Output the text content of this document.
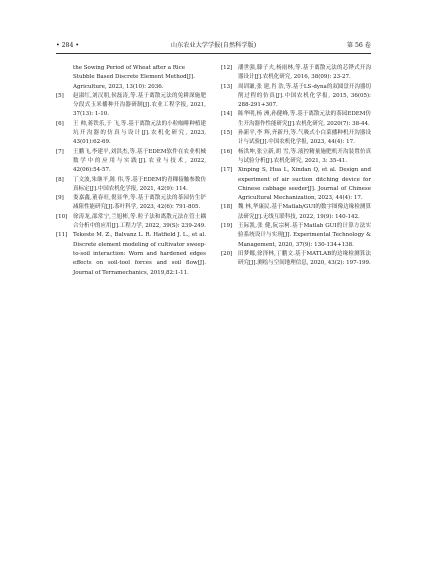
• 284 •	山东农业大学学报(自然科学版)	第 56 卷

the Sowing Period of Wheat after a Rice Stubble Based Discrete Element Method[J]. Agriculture, 2023, 13(10): 2036.

[5] 赵淑红,刘汉朋,侯磊涛,等.基于离散元法的免耕深施肥分段式玉米播种开沟器研制[J].农业工程学报, 2021, 37(13): 1-10.
[6] 王 帅,蒋铁乐,于 飞,等.基于离散元法的小粒咖啡种植建坑开沟器的仿真与设计[J].农机化研究, 2023, 43(01):62-69.
[7] 王鹏飞,李建平,刘洪杰,等.基于EDEM软件在农业机械数学中的应用与实践[J].农业与技术, 2022, 42(06):54-57.
[8] 丁文波,朱继平,陈 伟,等.基于EDEM的青稞接触参数仿真标定[J].中国农机化学报, 2021, 42(9): 114.
[9] 娄嘉鑫,董春旺,倪显华,等.基于离散元法的茶园仿生铲减阻性能研究[J].茶叶科学, 2023, 42(6): 791-805.
[10] 徐涛龙,邵常宁,兰旭彬,等.粒子法和离散元法在管土耦合分析中的应用[J].工程力学, 2022, 39(S): 239-249.
[11] Tekeste M. Z., Balvanz L. R. Hatfield J. L., et al. Discrete element modeling of cultivator sweep-to-soil interaction: Worn and hardened edges effects on soil-tool forces and soil flow[J]. Journal of Terramechanics, 2019,82:1-11.
[12] 潘世强,滕子夫,杨雨林,等.基于离散元法的芯铧式开沟器设计[J].农机化研究, 2016, 38(09): 23-27.
[13] 周训谦,张 建,肖 浩,等.基于LS-dyna的双圆盘开沟器切削过程的仿真[J].中国农机化学报, 2015, 36(05): 288-291+307.
[14] 陈华明,杨 洲,孙健峰,等.基于离散元法的茶园EDEM仿生开沟器作性能研究[J].农机化研究, 2020(7): 38-44.
[15] 孙新平,李 辉,齐新丹,等.气吸式小白菜播种机开沟器设计与试验[J].中国农机化学报, 2023, 44(4): 17.
[16] 杨洪坤,张立新,胡 雪,等.液控精量施肥机开沟装置仿真与试验分析[J].农机化研究, 2021, 3: 35-41.
[17] Xinping S, Hua L, Xindan Q, et al. Design and experiment of air suction ditching device for Chinese cabbage seeder[J]. Journal of Chinese Agricultural Mechanization, 2023, 44(4): 17.
[18] 魏 林,华康民.基于Matlab/GUI的数字图像边缘检测算法研究[J].无线互联科技, 2022, 19(9): 140-142.
[19] 王际凯,张 健,阮宗柯.基于Matlab GUI的计算方法实验系统设计与实现[J]. Experimental Technology & Management, 2020, 37(9): 130-134+138.
[20] 田梦娜,徐泽林,丁鹏文.基于MATLAB的边缘检测算法研究[J].测绘与空间地理信息, 2020, 43(2): 197-199.
